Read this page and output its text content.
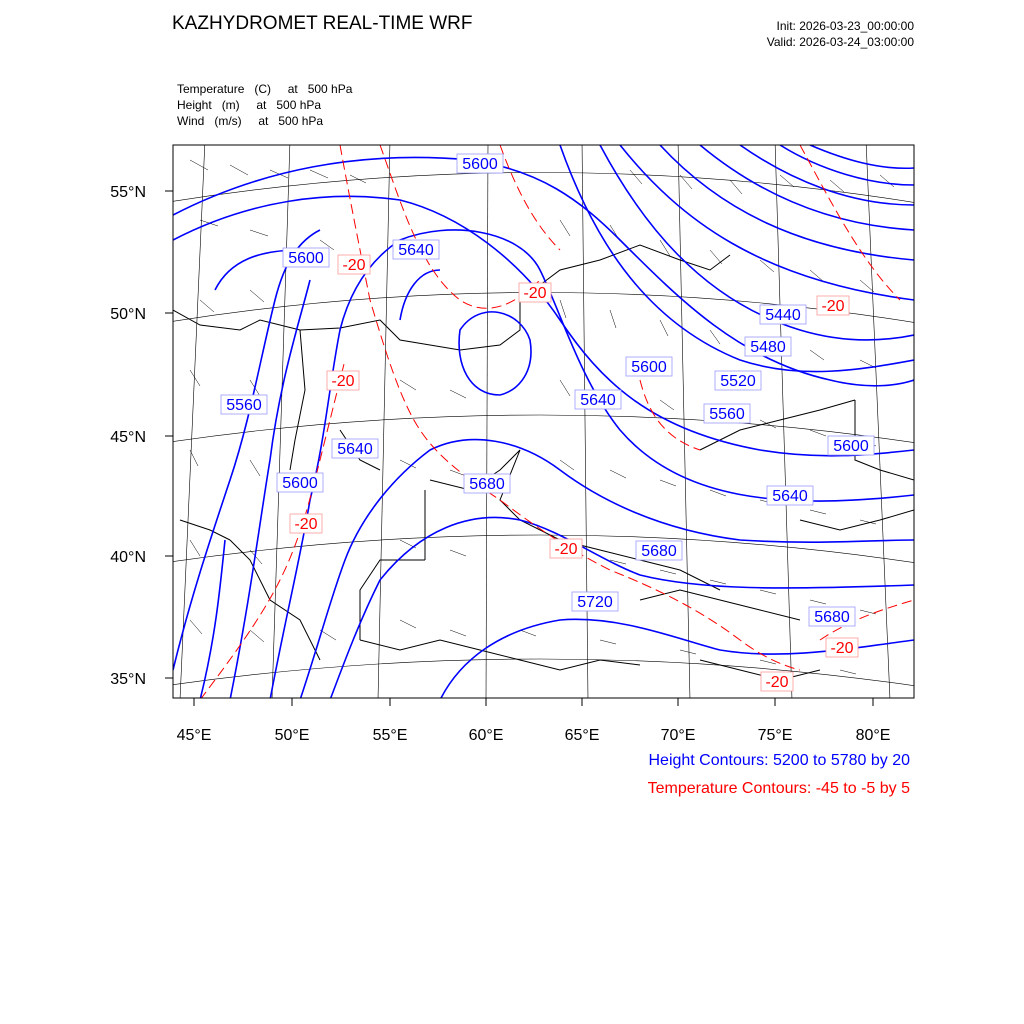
KAZHYDROMET REAL-TIME WRF	Init: 2026-03-23_00:00:00
Valid: 2026-03-24_03:00:00
Temperature   (C)     at   500 hPa
Height   (m)     at   500 hPa
Wind   (m/s)     at   500 hPa
55°N
50°N
45°N
40°N
35°N
45°E	50°E	55°E	60°E	65°E	70°E	75°E	80°E
5600
5600	5640
5560
5640
5600	5680
5600
5640
5680
5720
5440
5480
5520
5560
5600
5640
5680
-20
-20
-20
-20
-20
-20
-20
-20
Height Contours: 5200 to 5780 by 20
Temperature Contours: -45 to -5 by 5
